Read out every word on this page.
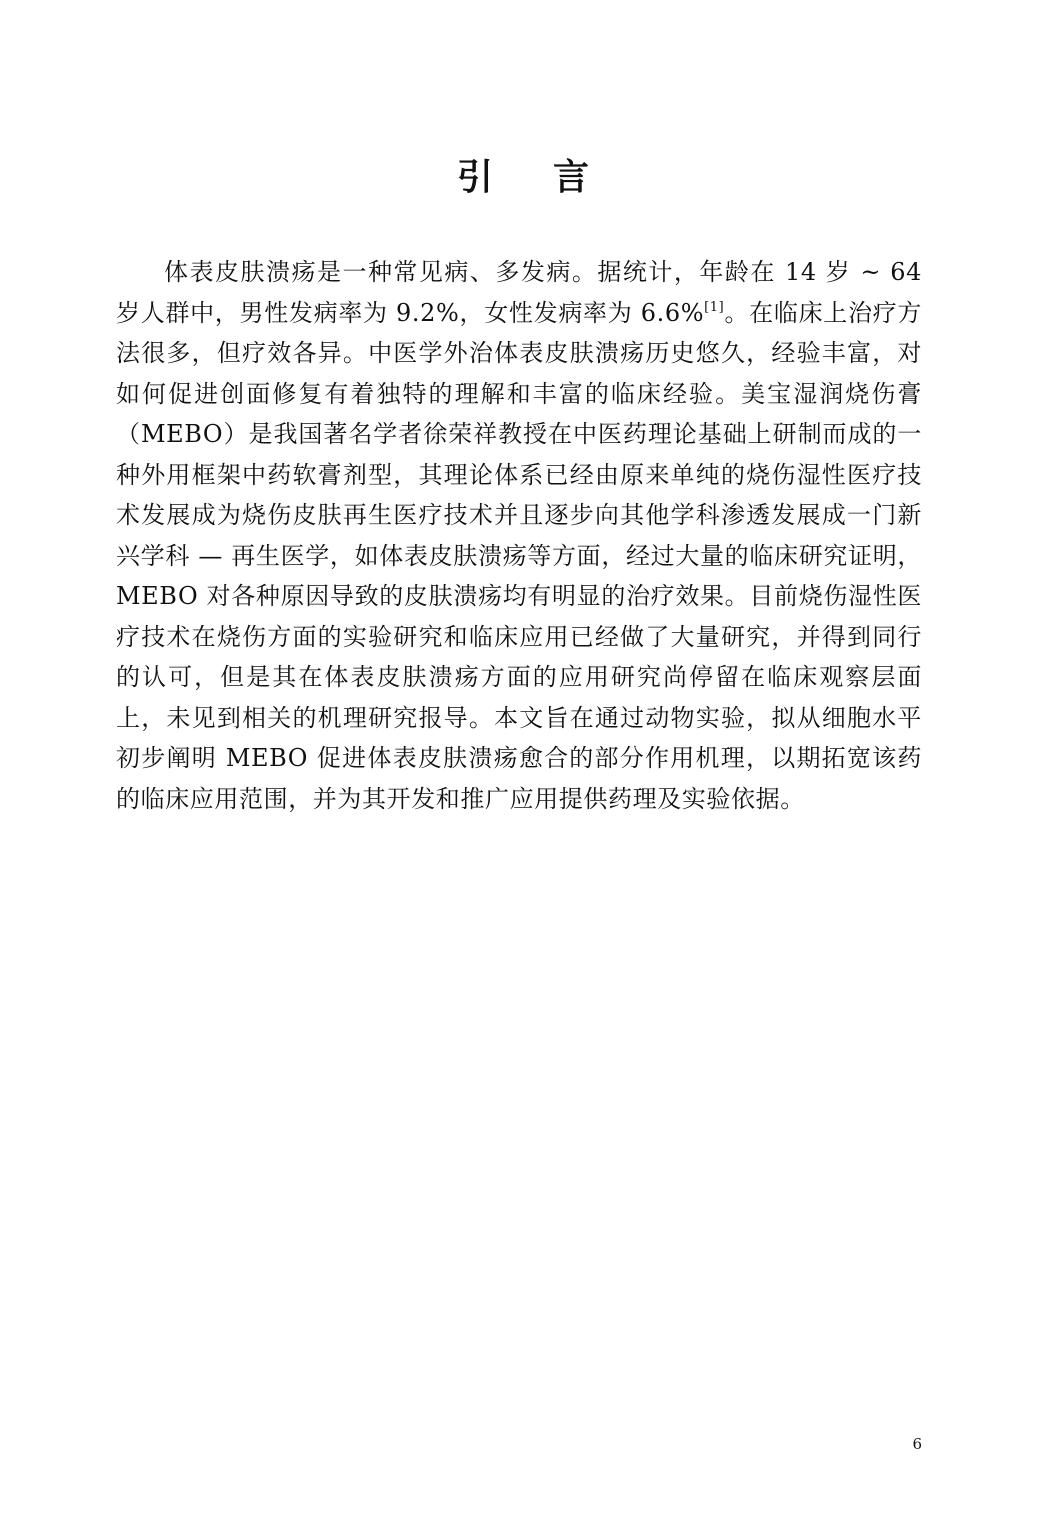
引言

体表皮肤溃疡是一种常见病、多发病。据统计，年龄在 14 岁 ~ 64 岁人群中，男性发病率为 9.2%，女性发病率为 6.6%[1]。在临床上治疗方法很多，但疗效各异。中医学外治体表皮肤溃疡历史悠久，经验丰富，对如何促进创面修复有着独特的理解和丰富的临床经验。美宝湿润烧伤膏（MEBO）是我国著名学者徐荣祥教授在中医药理论基础上研制而成的一种外用框架中药软膏剂型，其理论体系已经由原来单纯的烧伤湿性医疗技术发展成为烧伤皮肤再生医疗技术并且逐步向其他学科渗透发展成一门新兴学科 — 再生医学，如体表皮肤溃疡等方面，经过大量的临床研究证明，MEBO 对各种原因导致的皮肤溃疡均有明显的治疗效果。目前烧伤湿性医疗技术在烧伤方面的实验研究和临床应用已经做了大量研究，并得到同行的认可，但是其在体表皮肤溃疡方面的应用研究尚停留在临床观察层面上，未见到相关的机理研究报导。本文旨在通过动物实验，拟从细胞水平初步阐明 MEBO 促进体表皮肤溃疡愈合的部分作用机理，以期拓宽该药的临床应用范围，并为其开发和推广应用提供药理及实验依据。

6
